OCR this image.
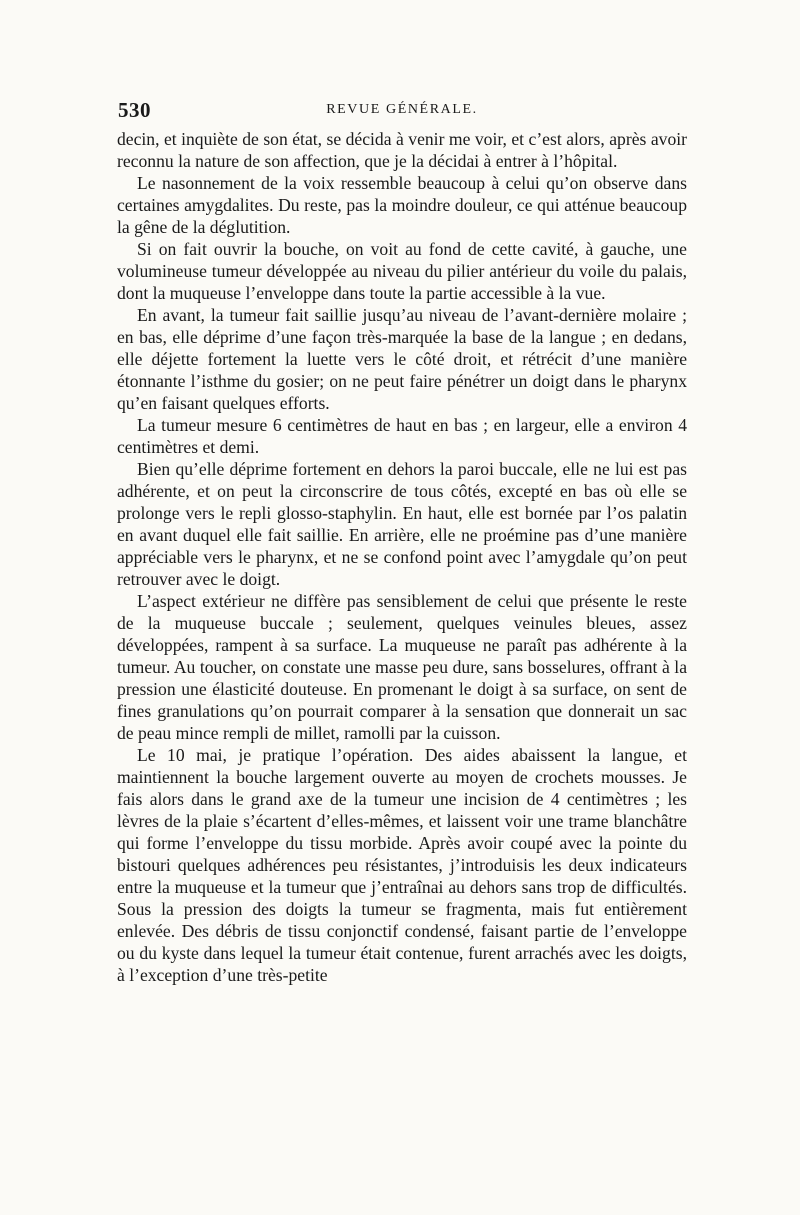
530	REVUE GÉNÉRALE.

decin, et inquiète de son état, se décida à venir me voir, et c’est alors, après avoir reconnu la nature de son affection, que je la décidai à entrer à l’hôpital.

Le nasonnement de la voix ressemble beaucoup à celui qu’on observe dans certaines amygdalites. Du reste, pas la moindre douleur, ce qui atténue beaucoup la gêne de la déglutition.

Si on fait ouvrir la bouche, on voit au fond de cette cavité, à gauche, une volumineuse tumeur développée au niveau du pilier antérieur du voile du palais, dont la muqueuse l’enveloppe dans toute la partie accessible à la vue.

En avant, la tumeur fait saillie jusqu’au niveau de l’avant-dernière molaire ; en bas, elle déprime d’une façon très-marquée la base de la langue ; en dedans, elle déjette fortement la luette vers le côté droit, et rétrécit d’une manière étonnante l’isthme du gosier; on ne peut faire pénétrer un doigt dans le pharynx qu’en faisant quelques efforts.

La tumeur mesure 6 centimètres de haut en bas ; en largeur, elle a environ 4 centimètres et demi.

Bien qu’elle déprime fortement en dehors la paroi buccale, elle ne lui est pas adhérente, et on peut la circonscrire de tous côtés, excepté en bas où elle se prolonge vers le repli glosso-staphylin. En haut, elle est bornée par l’os palatin en avant duquel elle fait saillie. En arrière, elle ne proémine pas d’une manière appréciable vers le pharynx, et ne se confond point avec l’amygdale qu’on peut retrouver avec le doigt.

L’aspect extérieur ne diffère pas sensiblement de celui que présente le reste de la muqueuse buccale ; seulement, quelques veinules bleues, assez développées, rampent à sa surface. La muqueuse ne paraît pas adhérente à la tumeur. Au toucher, on constate une masse peu dure, sans bosselures, offrant à la pression une élasticité douteuse. En promenant le doigt à sa surface, on sent de fines granulations qu’on pourrait comparer à la sensation que donnerait un sac de peau mince rempli de millet, ramolli par la cuisson.

Le 10 mai, je pratique l’opération. Des aides abaissent la langue, et maintiennent la bouche largement ouverte au moyen de crochets mousses. Je fais alors dans le grand axe de la tumeur une incision de 4 centimètres ; les lèvres de la plaie s’écartent d’elles-mêmes, et laissent voir une trame blanchâtre qui forme l’enveloppe du tissu morbide. Après avoir coupé avec la pointe du bistouri quelques adhérences peu résistantes, j’introduisis les deux indicateurs entre la muqueuse et la tumeur que j’entraînai au dehors sans trop de difficultés. Sous la pression des doigts la tumeur se fragmenta, mais fut entièrement enlevée. Des débris de tissu conjonctif condensé, faisant partie de l’enveloppe ou du kyste dans lequel la tumeur était contenue, furent arrachés avec les doigts, à l’exception d’une très-petite
